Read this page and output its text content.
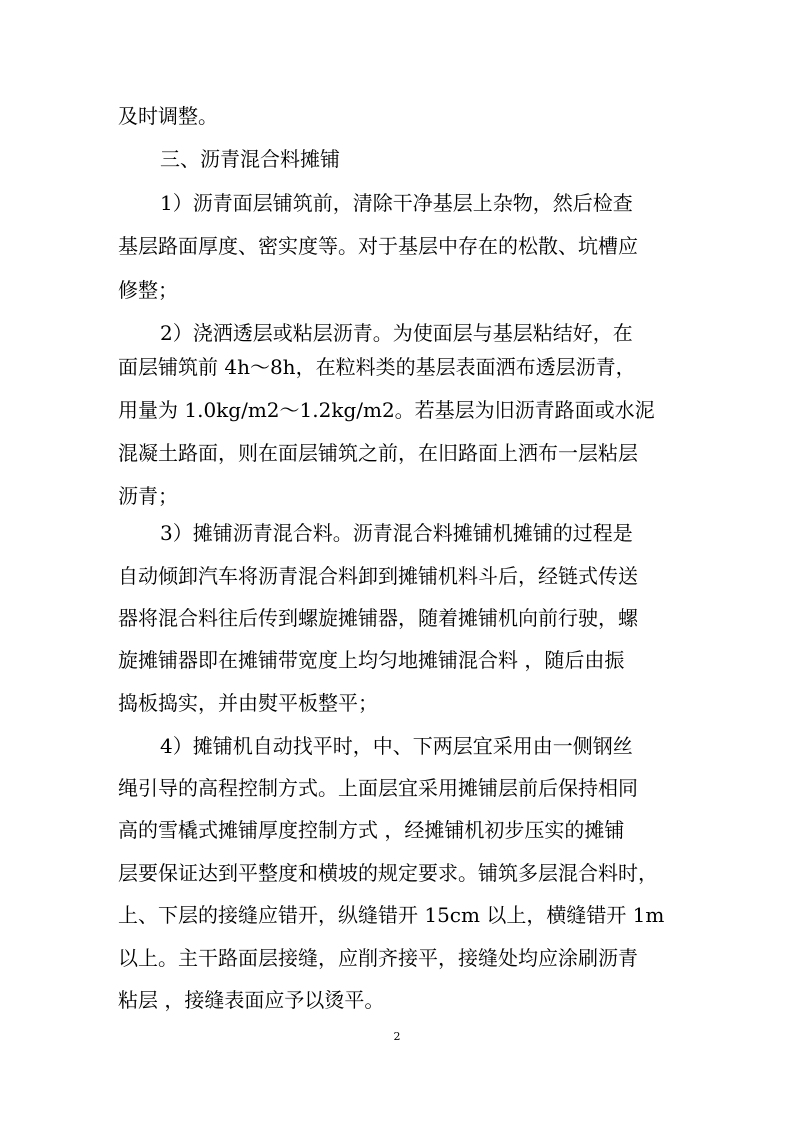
及时调整。
三、沥青混合料摊铺
1）沥青面层铺筑前，清除干净基层上杂物，然后检查
基层路面厚度、密实度等。对于基层中存在的松散、坑槽应
修整；
2）浇洒透层或粘层沥青。为使面层与基层粘结好，在
面层铺筑前 4h～8h，在粒料类的基层表面洒布透层沥青，
用量为 1.0kg/m2～1.2kg/m2。若基层为旧沥青路面或水泥
混凝土路面，则在面层铺筑之前，在旧路面上洒布一层粘层
沥青；
3）摊铺沥青混合料。沥青混合料摊铺机摊铺的过程是
自动倾卸汽车将沥青混合料卸到摊铺机料斗后，经链式传送
器将混合料往后传到螺旋摊铺器，随着摊铺机向前行驶，螺
旋摊铺器即在摊铺带宽度上均匀地摊铺混合料 ，随后由振
捣板捣实，并由熨平板整平；
4）摊铺机自动找平时，中、下两层宜采用由一侧钢丝
绳引导的高程控制方式。上面层宜采用摊铺层前后保持相同
高的雪橇式摊铺厚度控制方式 ，经摊铺机初步压实的摊铺
层要保证达到平整度和横坡的规定要求。铺筑多层混合料时，
上、下层的接缝应错开，纵缝错开 15cm 以上，横缝错开 1m
以上。主干路面层接缝，应削齐接平，接缝处均应涂刷沥青
粘层 ，接缝表面应予以烫平。
2
